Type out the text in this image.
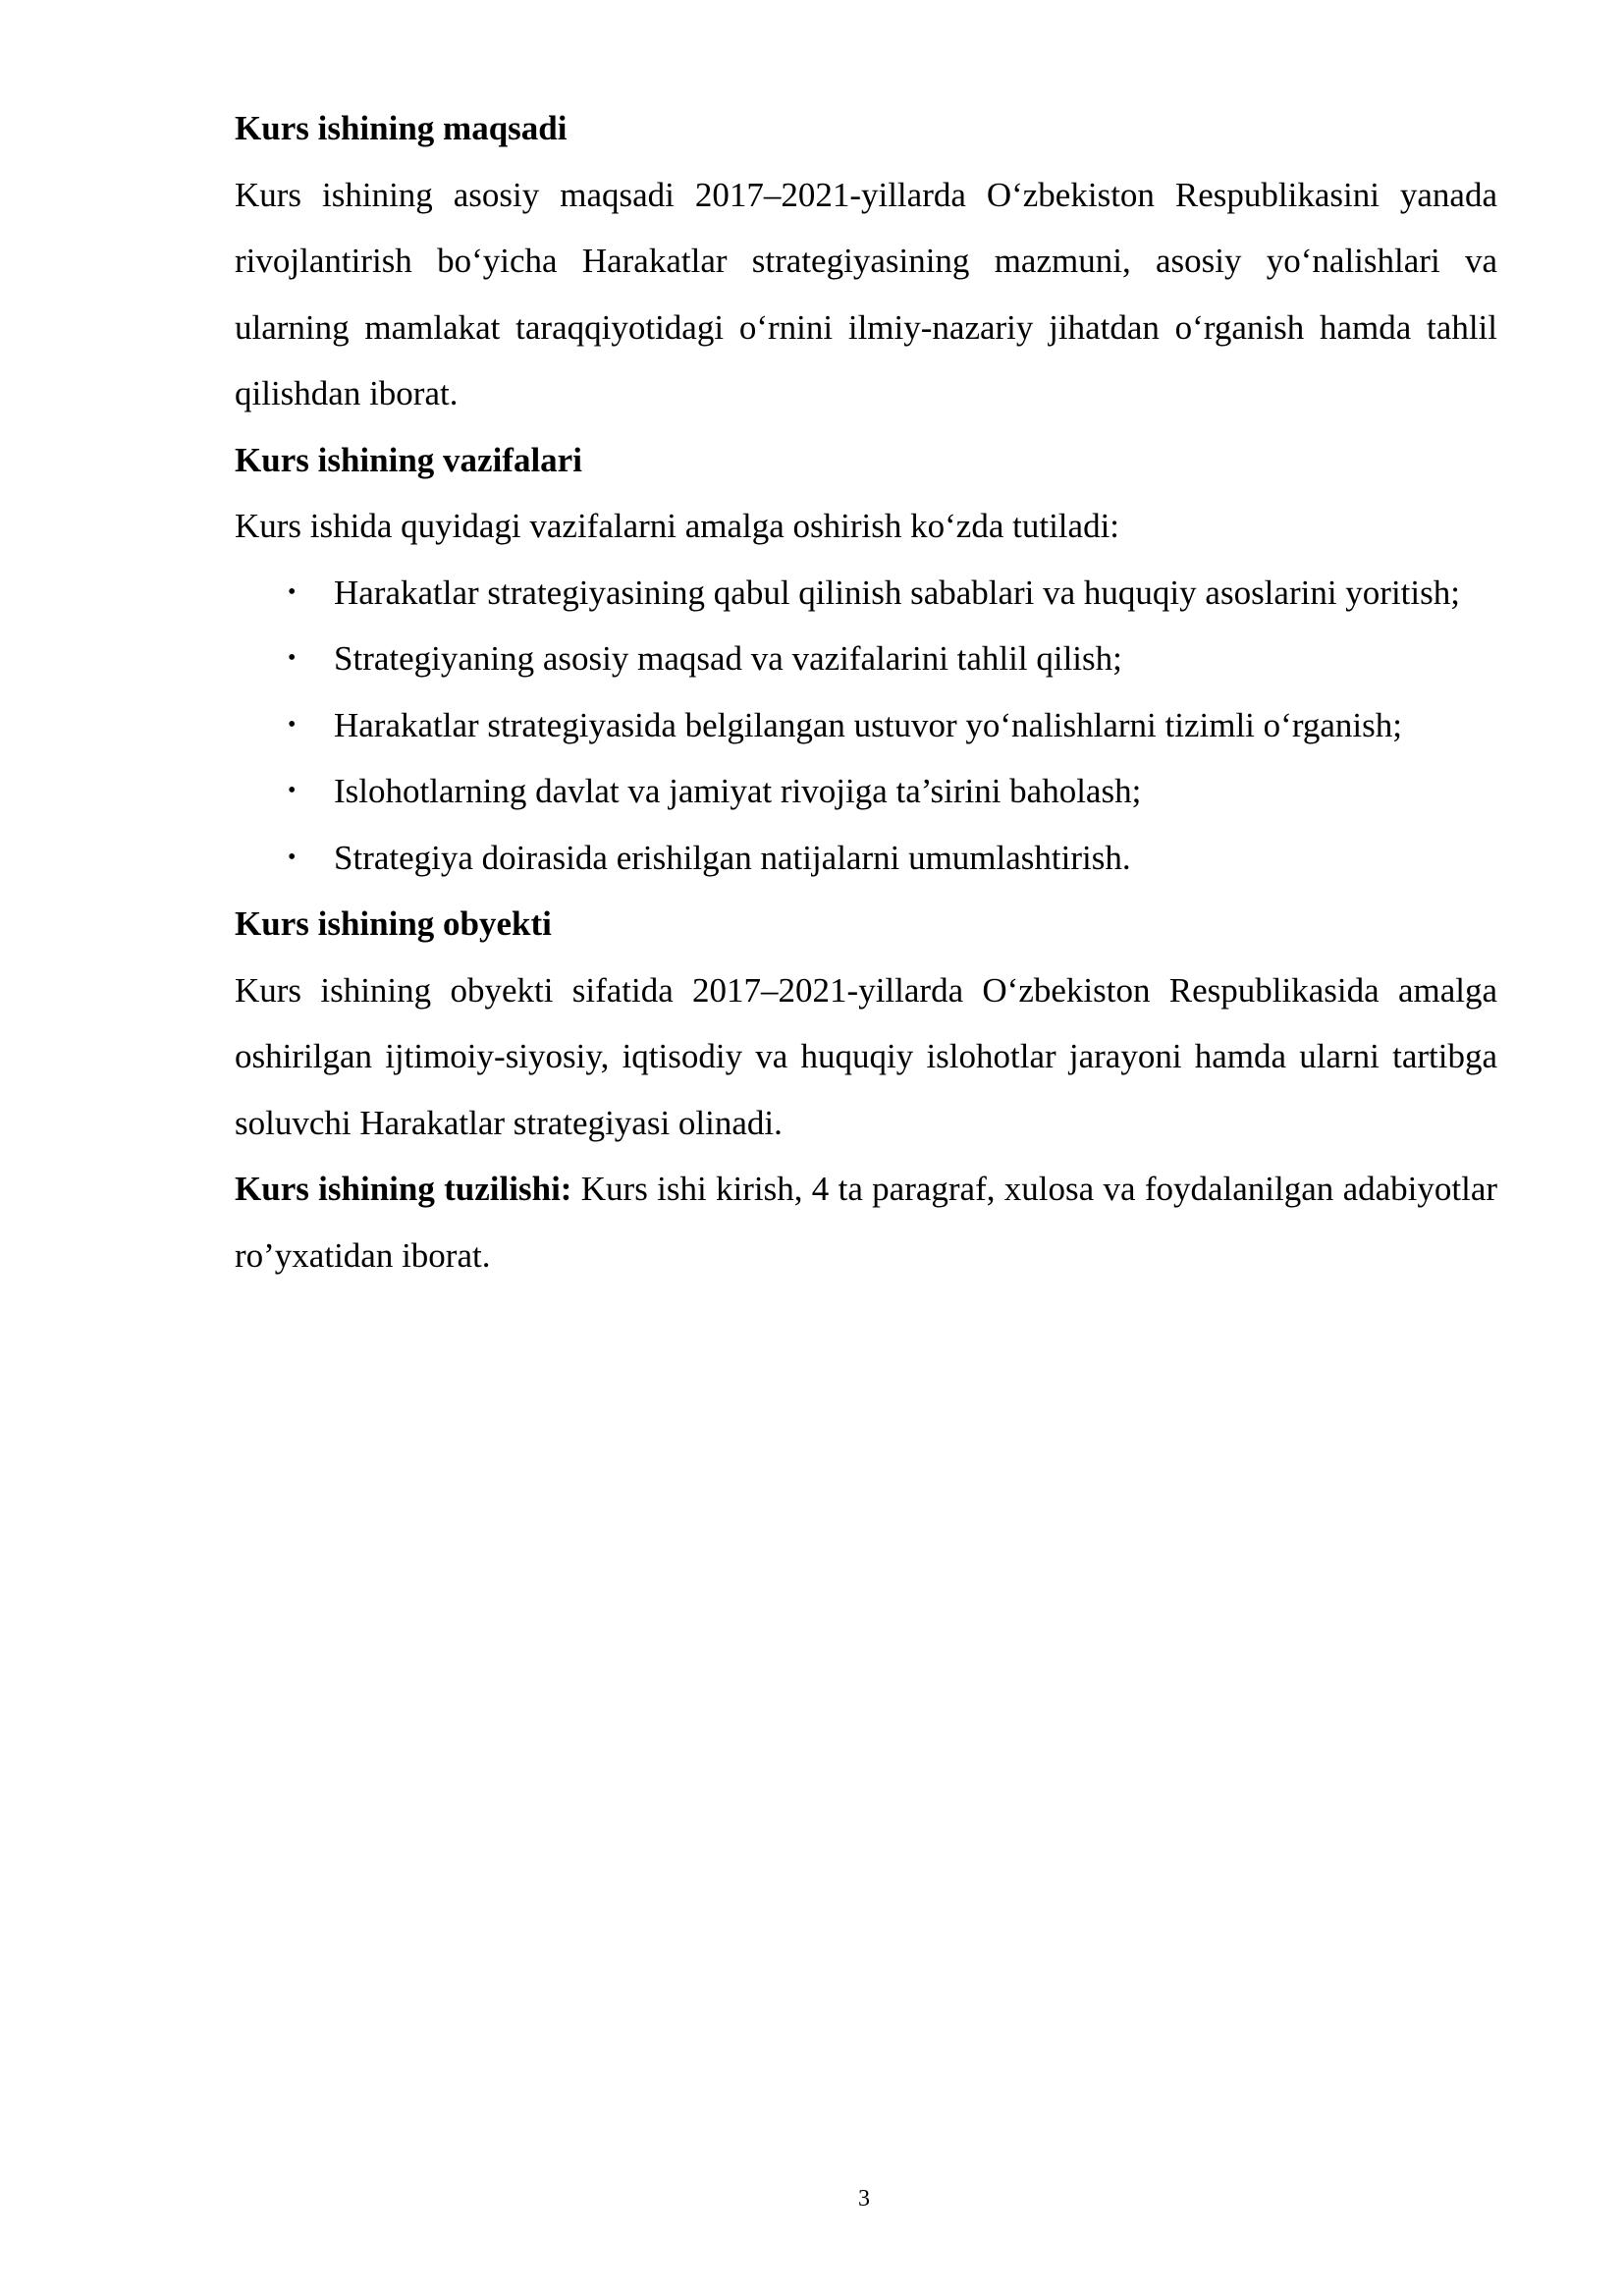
Kurs ishining maqsadi

Kurs ishining asosiy maqsadi 2017–2021-yillarda O‘zbekiston Respublikasini yanada rivojlantirish bo‘yicha Harakatlar strategiyasining mazmuni, asosiy yo‘nalishlari va ularning mamlakat taraqqiyotidagi o‘rnini ilmiy-nazariy jihatdan o‘rganish hamda tahlil qilishdan iborat.

Kurs ishining vazifalari

Kurs ishida quyidagi vazifalarni amalga oshirish ko‘zda tutiladi:

• Harakatlar strategiyasining qabul qilinish sabablari va huquqiy asoslarini yoritish;
• Strategiyaning asosiy maqsad va vazifalarini tahlil qilish;
• Harakatlar strategiyasida belgilangan ustuvor yo‘nalishlarni tizimli o‘rganish;
• Islohotlarning davlat va jamiyat rivojiga ta’sirini baholash;
• Strategiya doirasida erishilgan natijalarni umumlashtirish.

Kurs ishining obyekti

Kurs ishining obyekti sifatida 2017–2021-yillarda O‘zbekiston Respublikasida amalga oshirilgan ijtimoiy-siyosiy, iqtisodiy va huquqiy islohotlar jarayoni hamda ularni tartibga soluvchi Harakatlar strategiyasi olinadi.

Kurs ishining tuzilishi: Kurs ishi kirish, 4 ta paragraf, xulosa va foydalanilgan adabiyotlar ro’yxatidan iborat.

3
